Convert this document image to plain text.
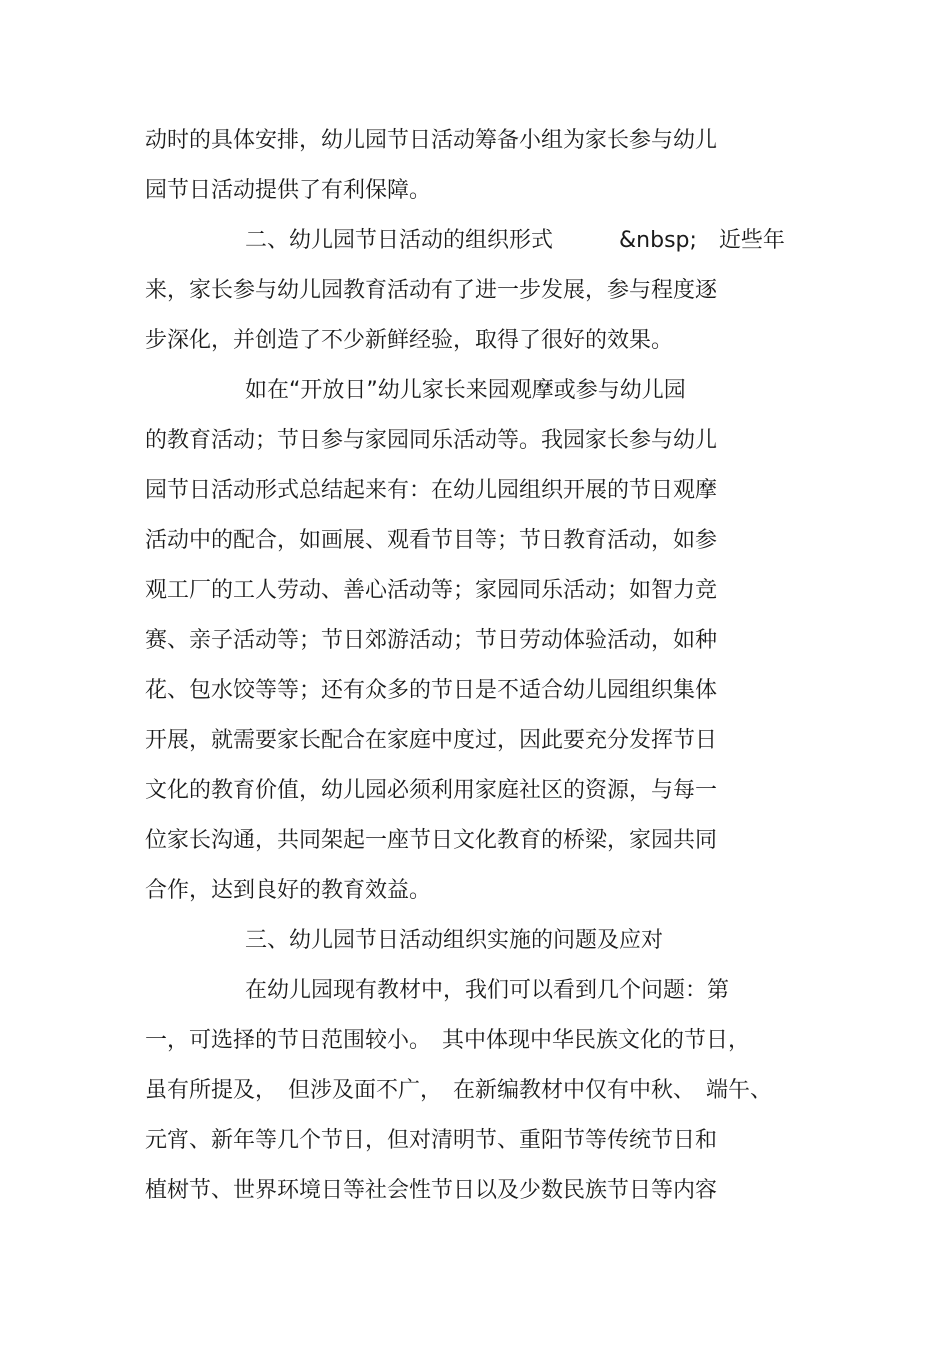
动时的具体安排，幼儿园节日活动筹备小组为家长参与幼儿
园节日活动提供了有利保障。
二、幼儿园节日活动的组织形式　　　&nbsp;　近些年
来，家长参与幼儿园教育活动有了进一步发展，参与程度逐
步深化，并创造了不少新鲜经验，取得了很好的效果。
如在“开放日”幼儿家长来园观摩或参与幼儿园
的教育活动；节日参与家园同乐活动等。我园家长参与幼儿
园节日活动形式总结起来有：在幼儿园组织开展的节日观摩
活动中的配合，如画展、观看节目等；节日教育活动，如参
观工厂的工人劳动、善心活动等；家园同乐活动；如智力竞
赛、亲子活动等；节日郊游活动；节日劳动体验活动，如种
花、包水饺等等；还有众多的节日是不适合幼儿园组织集体
开展，就需要家长配合在家庭中度过，因此要充分发挥节日
文化的教育价值，幼儿园必须利用家庭社区的资源，与每一
位家长沟通，共同架起一座节日文化教育的桥梁，家园共同
合作，达到良好的教育效益。
三、幼儿园节日活动组织实施的问题及应对
在幼儿园现有教材中，我们可以看到几个问题：第
一，可选择的节日范围较小。　其中体现中华民族文化的节日，
虽有所提及，　但涉及面不广，　在新编教材中仅有中秋、　端午、
元宵、新年等几个节日，但对清明节、重阳节等传统节日和
植树节、世界环境日等社会性节日以及少数民族节日等内容
